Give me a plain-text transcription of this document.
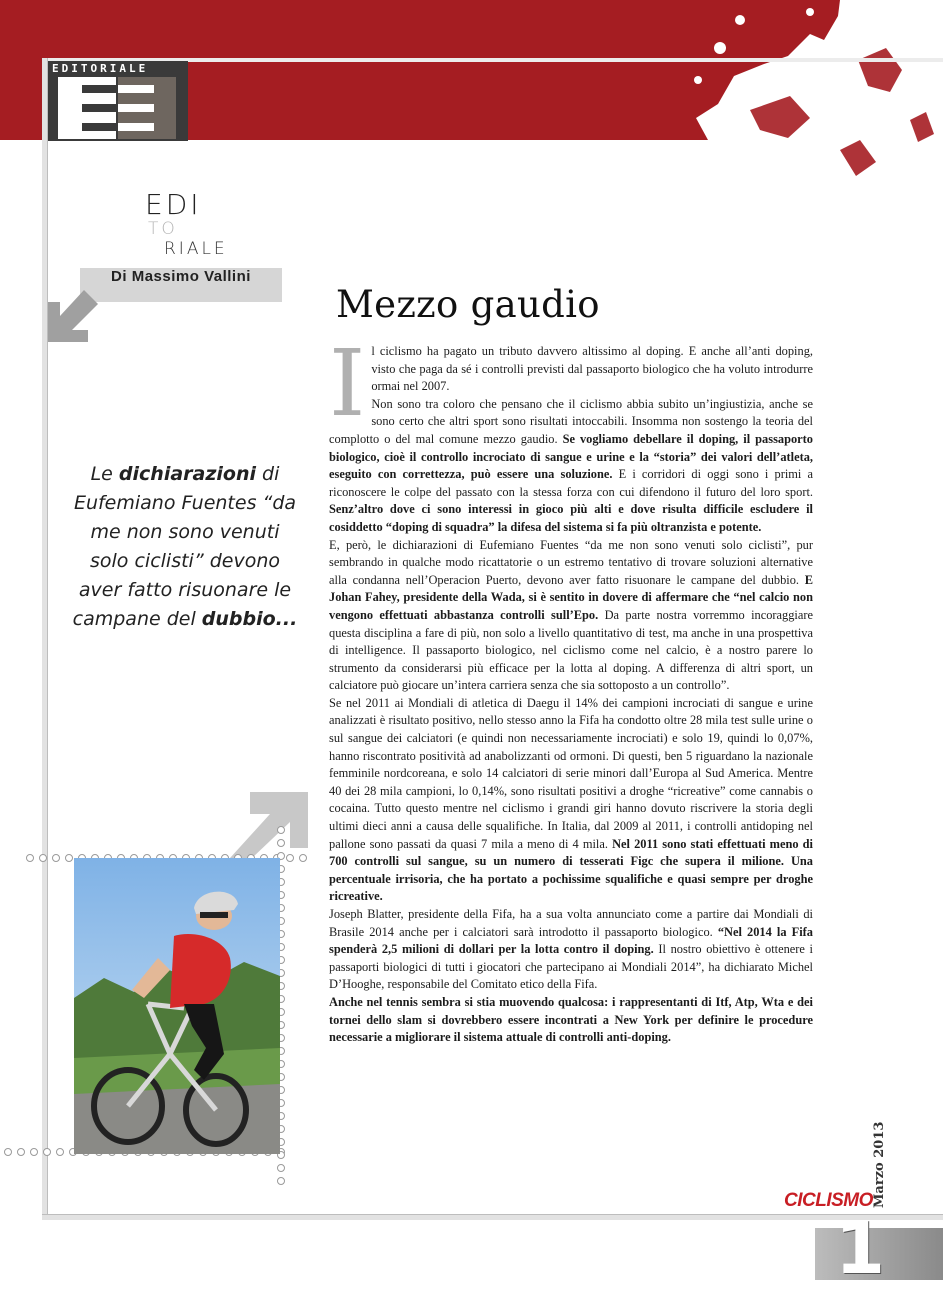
EDITORIALE
EDI
TO
RIALE
Di Massimo Vallini
Le dichiarazioni di Eufemiano Fuentes “da me non sono venuti solo ciclisti” devono aver fatto risuonare le campane del dubbio...
Mezzo gaudio

Il ciclismo ha pagato un tributo davvero altissimo al doping. E anche all’anti doping, visto che paga da sé i controlli previsti dal passaporto biologico che ha voluto introdurre ormai nel 2007.

Non sono tra coloro che pensano che il ciclismo abbia subito un’ingiustizia, anche se sono certo che altri sport sono risultati intoccabili. Insomma non sostengo la teoria del complotto o del mal comune mezzo gaudio. Se vogliamo debellare il doping, il passaporto biologico, cioè il controllo incrociato di sangue e urine e la “storia” dei valori dell’atleta, eseguito con correttezza, può essere una soluzione. E i corridori di oggi sono i primi a riconoscere le colpe del passato con la stessa forza con cui difendono il futuro del loro sport. Senz’altro dove ci sono interessi in gioco più alti e dove risulta difficile escludere il cosiddetto “doping di squadra” la difesa del sistema si fa più oltranzista e potente.

E, però, le dichiarazioni di Eufemiano Fuentes “da me non sono venuti solo ciclisti”, pur sembrando in qualche modo ricattatorie o un estremo tentativo di trovare soluzioni alternative alla condanna nell’Operacion Puerto, devono aver fatto risuonare le campane del dubbio. E Johan Fahey, presidente della Wada, si è sentito in dovere di affermare che “nel calcio non vengono effettuati abbastanza controlli sull’Epo. Da parte nostra vorremmo incoraggiare questa disciplina a fare di più, non solo a livello quantitativo di test, ma anche in una prospettiva di intelligence. Il passaporto biologico, nel ciclismo come nel calcio, è a nostro parere lo strumento da considerarsi più efficace per la lotta al doping. A differenza di altri sport, un calciatore può giocare un’intera carriera senza che sia sottoposto a un controllo”.

Se nel 2011 ai Mondiali di atletica di Daegu il 14% dei campioni incrociati di sangue e urine analizzati è risultato positivo, nello stesso anno la Fifa ha condotto oltre 28 mila test sulle urine o sul sangue dei calciatori (e quindi non necessariamente incrociati) e solo 19, quindi lo 0,07%, hanno riscontrato positività ad anabolizzanti od ormoni. Di questi, ben 5 riguardano la nazionale femminile nordcoreana, e solo 14 calciatori di serie minori dall’Europa al Sud America. Mentre 40 dei 28 mila campioni, lo 0,14%, sono risultati positivi a droghe “ricreative” come cannabis o cocaina. Tutto questo mentre nel ciclismo i grandi giri hanno dovuto riscrivere la storia degli ultimi dieci anni a causa delle squalifiche. In Italia, dal 2009 al 2011, i controlli antidoping nel pallone sono passati da quasi 7 mila a meno di 4 mila. Nel 2011 sono stati effettuati meno di 700 controlli sul sangue, su un numero di tesserati Figc che supera il milione. Una percentuale irrisoria, che ha portato a pochissime squalifiche e quasi sempre per droghe ricreative.

Joseph Blatter, presidente della Fifa, ha a sua volta annunciato come a partire dai Mondiali di Brasile 2014 anche per i calciatori sarà introdotto il passaporto biologico. “Nel 2014 la Fifa spenderà 2,5 milioni di dollari per la lotta contro il doping. Il nostro obiettivo è ottenere i passaporti biologici di tutti i giocatori che partecipano ai Mondiali 2014”, ha dichiarato Michel D’Hooghe, responsabile del Comitato etico della Fifa.

Anche nel tennis sembra si stia muovendo qualcosa: i rappresentanti di Itf, Atp, Wta e dei tornei dello slam si dovrebbero essere incontrati a New York per definire le procedure necessarie a migliorare il sistema attuale di controlli anti-doping.

CICLISMO Marzo 2013
1
